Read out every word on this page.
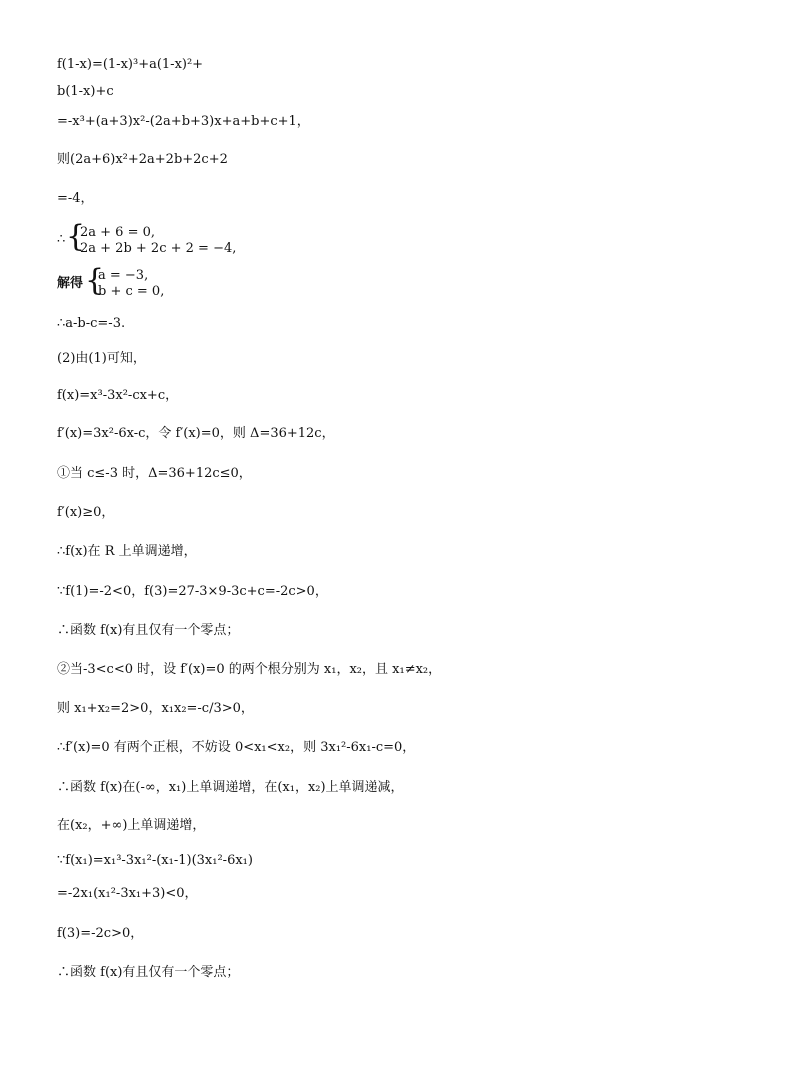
f(1-x)=(1-x)³+a(1-x)²+
b(1-x)+c
=-x³+(a+3)x²-(2a+b+3)x+a+b+c+1，
则(2a+6)x²+2a+2b+2c+2
=-4，
∴ {
2a + 6 = 0,
2a + 2b + 2c + 2 = −4,
解得 {
a = −3,
b + c = 0,
∴a-b-c=-3.
(2)由(1)可知，
f(x)=x³-3x²-cx+c，
f′(x)=3x²-6x-c，令 f′(x)=0，则 Δ=36+12c，
①当 c≤-3 时，Δ=36+12c≤0，
f′(x)≥0，
∴f(x)在 R 上单调递增，
∵f(1)=-2<0，f(3)=27-3×9-3c+c=-2c>0，
∴函数 f(x)有且仅有一个零点；
②当-3<c<0 时，设 f′(x)=0 的两个根分别为 x₁，x₂，且 x₁≠x₂，
则 x₁+x₂=2>0，x₁x₂=-c/3>0，
∴f′(x)=0 有两个正根，不妨设 0<x₁<x₂，则 3x₁²-6x₁-c=0，
∴函数 f(x)在(-∞，x₁)上单调递增，在(x₁，x₂)上单调递减，
在(x₂，+∞)上单调递增，
∵f(x₁)=x₁³-3x₁²-(x₁-1)(3x₁²-6x₁)
=-2x₁(x₁²-3x₁+3)<0，
f(3)=-2c>0，
∴函数 f(x)有且仅有一个零点；
